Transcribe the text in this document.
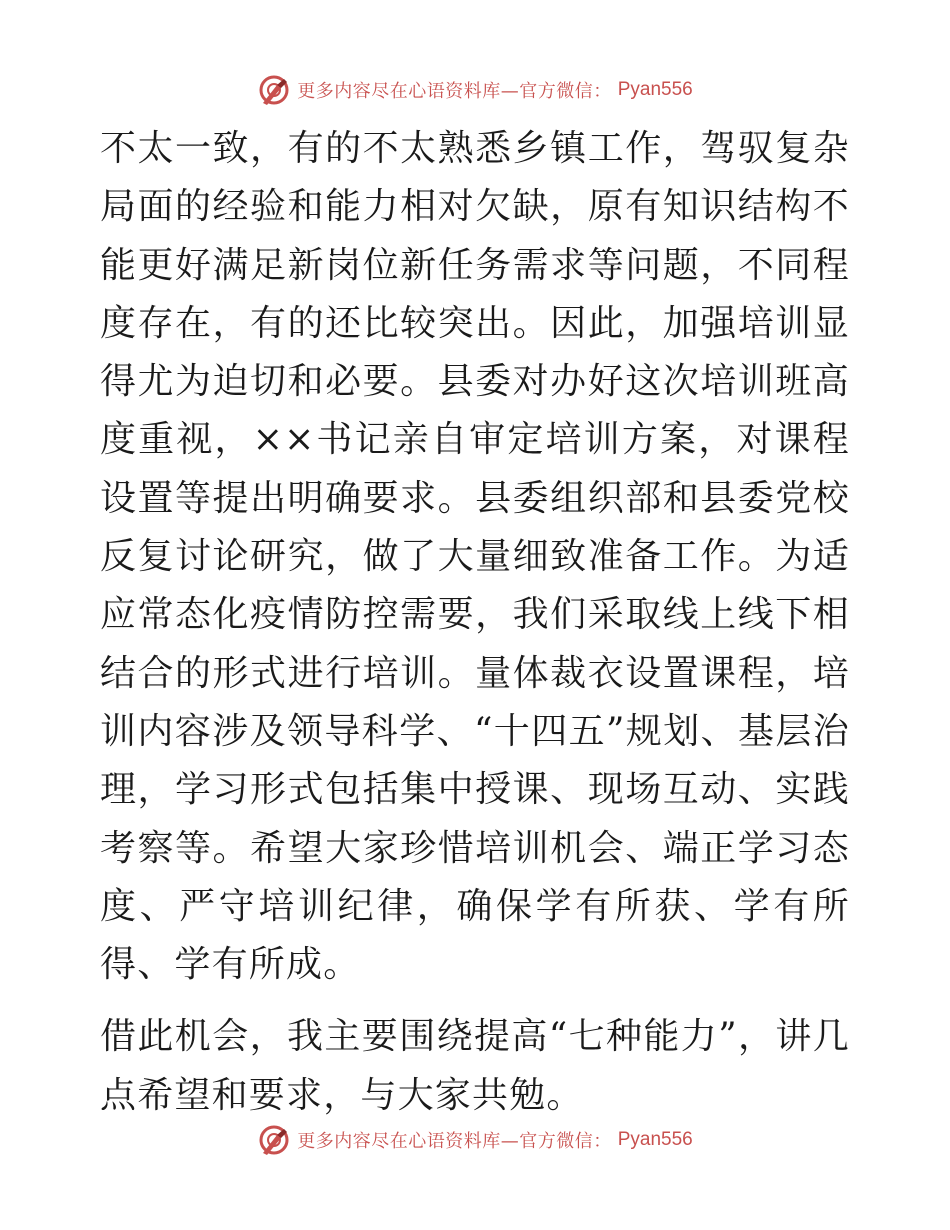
更多内容尽在心语资料库—官方微信： Pyan556

不太一致，有的不太熟悉乡镇工作，驾驭复杂局面的经验和能力相对欠缺，原有知识结构不能更好满足新岗位新任务需求等问题，不同程度存在，有的还比较突出。因此，加强培训显得尤为迫切和必要。县委对办好这次培训班高度重视，××书记亲自审定培训方案，对课程设置等提出明确要求。县委组织部和县委党校反复讨论研究，做了大量细致准备工作。为适应常态化疫情防控需要，我们采取线上线下相结合的形式进行培训。量体裁衣设置课程，培训内容涉及领导科学、“十四五”规划、基层治理，学习形式包括集中授课、现场互动、实践考察等。希望大家珍惜培训机会、端正学习态度、严守培训纪律，确保学有所获、学有所得、学有所成。

借此机会，我主要围绕提高“七种能力”，讲几点希望和要求，与大家共勉。

更多内容尽在心语资料库—官方微信： Pyan556
